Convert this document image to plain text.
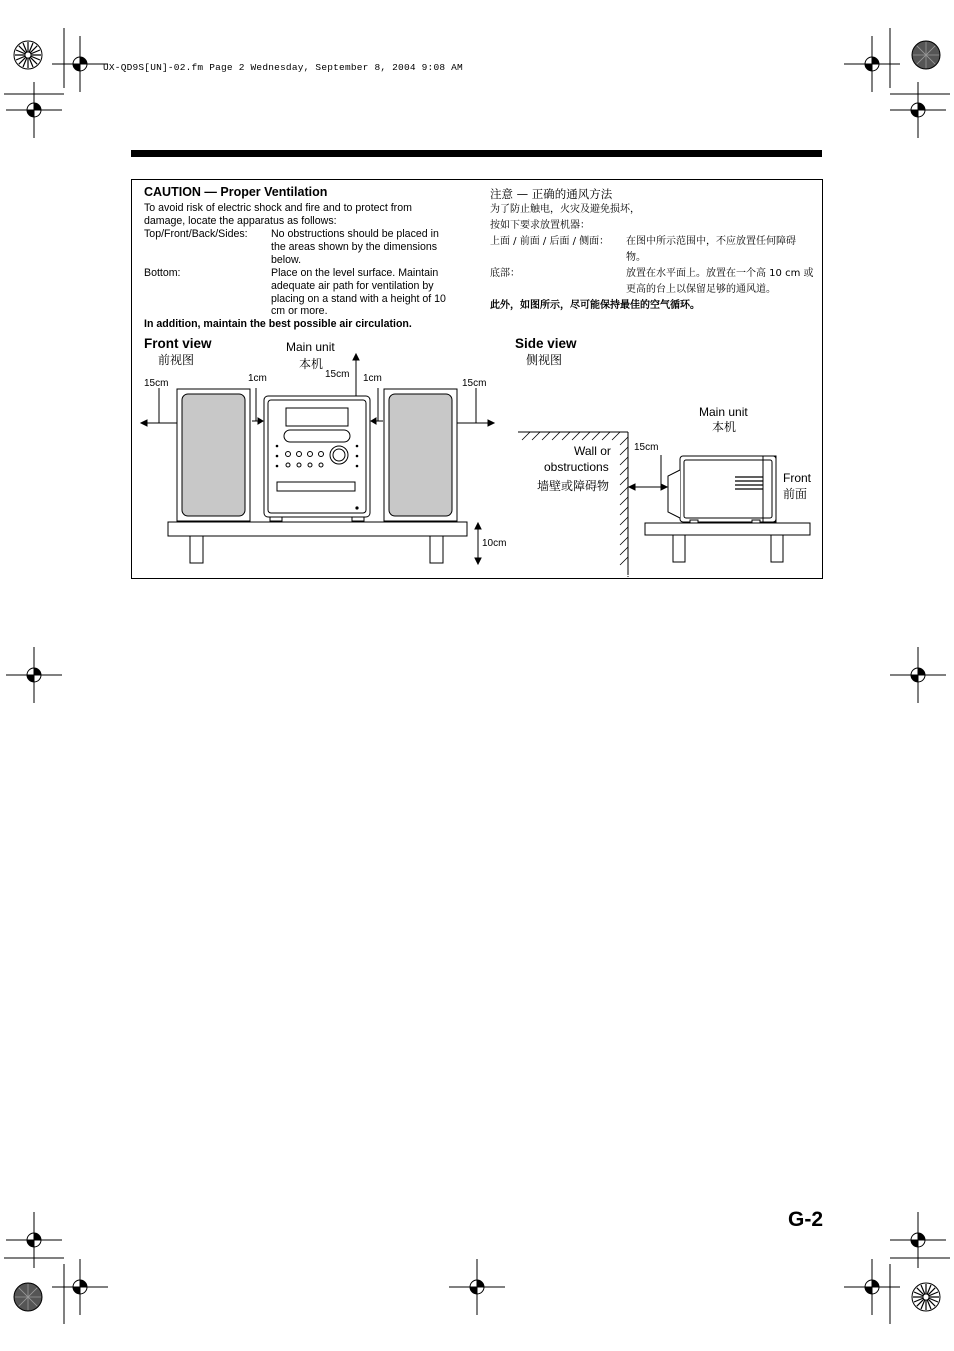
UX-QD9S[UN]-02.fm Page 2 Wednesday, September 8, 2004 9:08 AM
CAUTION — Proper Ventilation
To avoid risk of electric shock and fire and to protect from damage, locate the apparatus as follows:
Top/Front/Back/Sides: No obstructions should be placed in the areas shown by the dimensions below.
Bottom:	Place on the level surface. Maintain adequate air path for ventilation by placing on a stand with a height of 10 cm or more.
In addition, maintain the best possible air circulation.
注意 — 正确的通风方法
为了防止触电，火灾及避免损坏，
按如下要求放置机器：
上面 / 前面 / 后面 / 侧面： 在图中所示范围中，不应放置任何障碍物。
底部：	放置在水平面上。放置在一个高 10 cm 或更高的台上以保留足够的通风道。
此外，如图所示，尽可能保持最佳的空气循环。
Front view
前视图
Main unit
本机
15cm	1cm	15cm 1cm	15cm
10cm
Side view
侧视图
Main unit
本机
Wall or
obstructions
墙壁或障碍物
15cm
Front
前面
G-2
